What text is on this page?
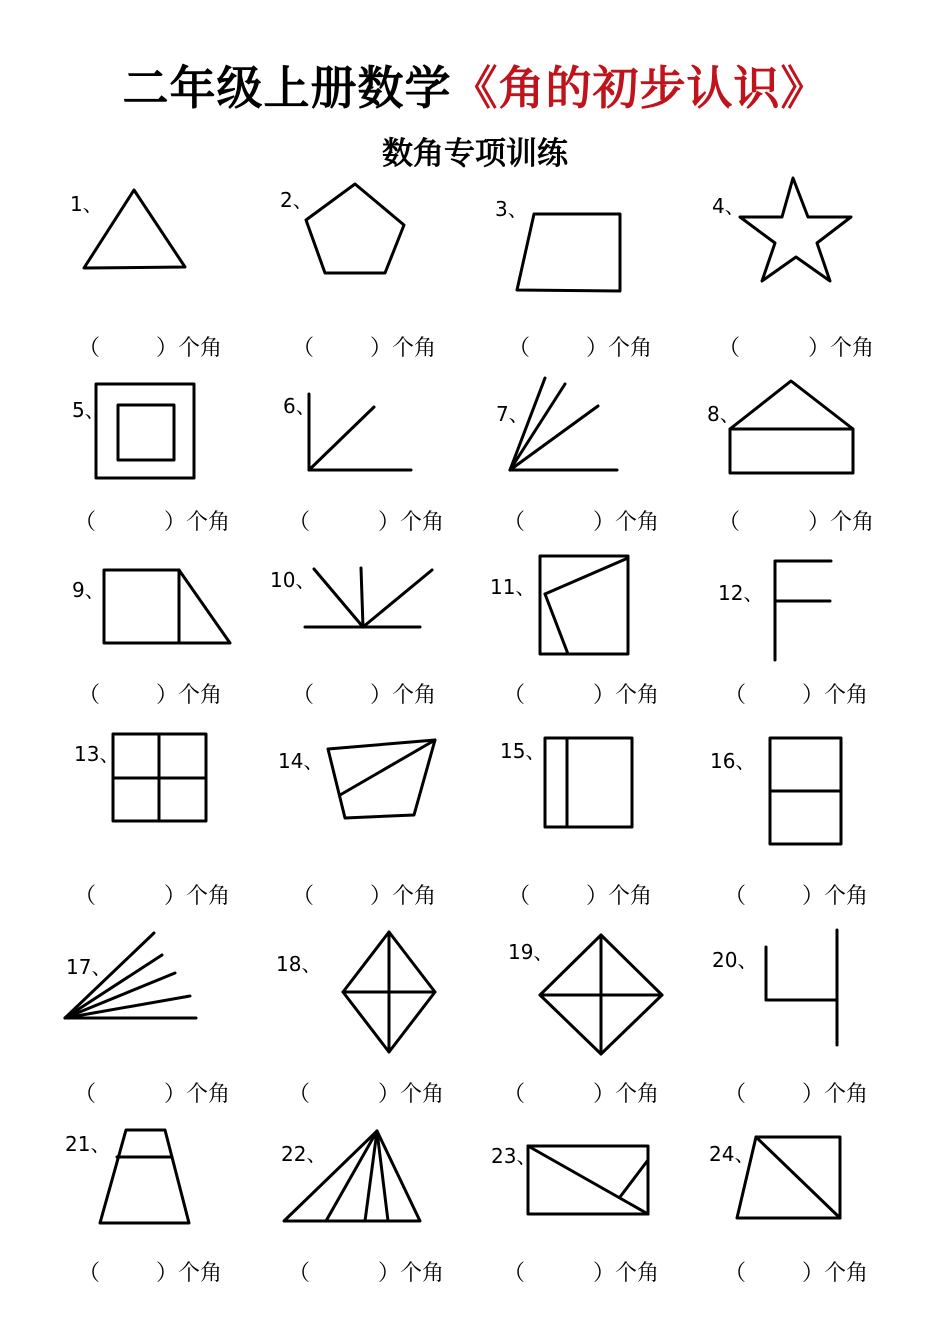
二年级上册数学《角的初步认识》
数角专项训练
1、	2、	3、	4、
5、	6、	7、	8、
9、	10、	11、	12、
13、	14、	15、	16、
17、	18、	19、	20、
21、	22、	23、	24、
（	）个角	（	）个角	（	）个角	（	）个角
（	）个角	（	）个角	（	）个角	（	）个角
（	）个角	（	）个角	（	）个角	（	）个角
（	）个角	（	）个角	（	）个角	（	）个角
（	）个角	（	）个角	（	）个角	（	）个角
（	）个角	（	）个角	（	）个角	（	）个角
